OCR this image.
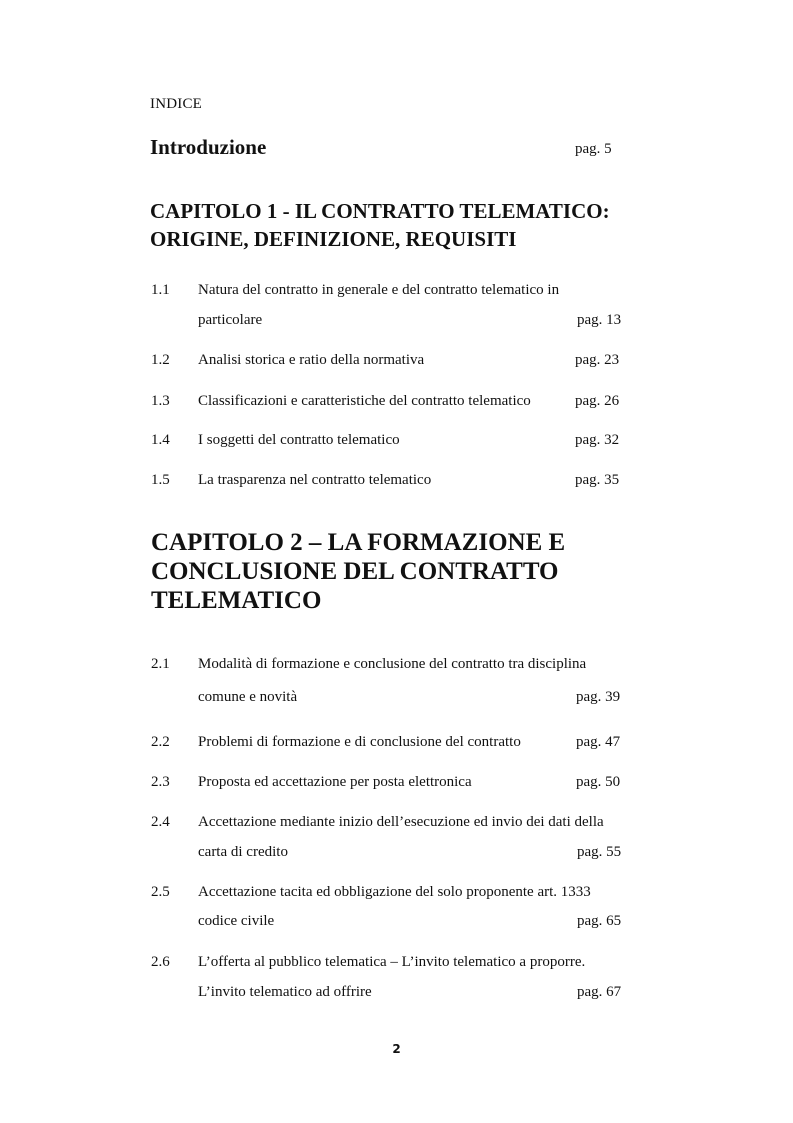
INDICE
Introduzione	pag. 5
CAPITOLO 1 - IL CONTRATTO TELEMATICO: ORIGINE, DEFINIZIONE, REQUISITI
1.1 Natura del contratto in generale e del contratto telematico in
particolare	pag. 13
1.2 Analisi storica e ratio della normativa	pag. 23
1.3 Classificazioni e caratteristiche del contratto telematico	pag. 26
1.4 I soggetti del contratto telematico	pag. 32
1.5 La trasparenza nel contratto telematico	pag. 35
CAPITOLO 2 – LA FORMAZIONE E CONCLUSIONE DEL CONTRATTO TELEMATICO
2.1 Modalità di formazione e conclusione del contratto tra disciplina
comune e novità	pag. 39
2.2 Problemi di formazione e di conclusione del contratto	pag. 47
2.3 Proposta ed accettazione per posta elettronica	pag. 50
2.4 Accettazione mediante inizio dell’esecuzione ed invio dei dati della
carta di credito	pag. 55
2.5 Accettazione tacita ed obbligazione del solo proponente art. 1333
codice civile	pag. 65
2.6 L’offerta al pubblico telematica – L’invito telematico a proporre.
L’invito telematico ad offrire	pag. 67
2
